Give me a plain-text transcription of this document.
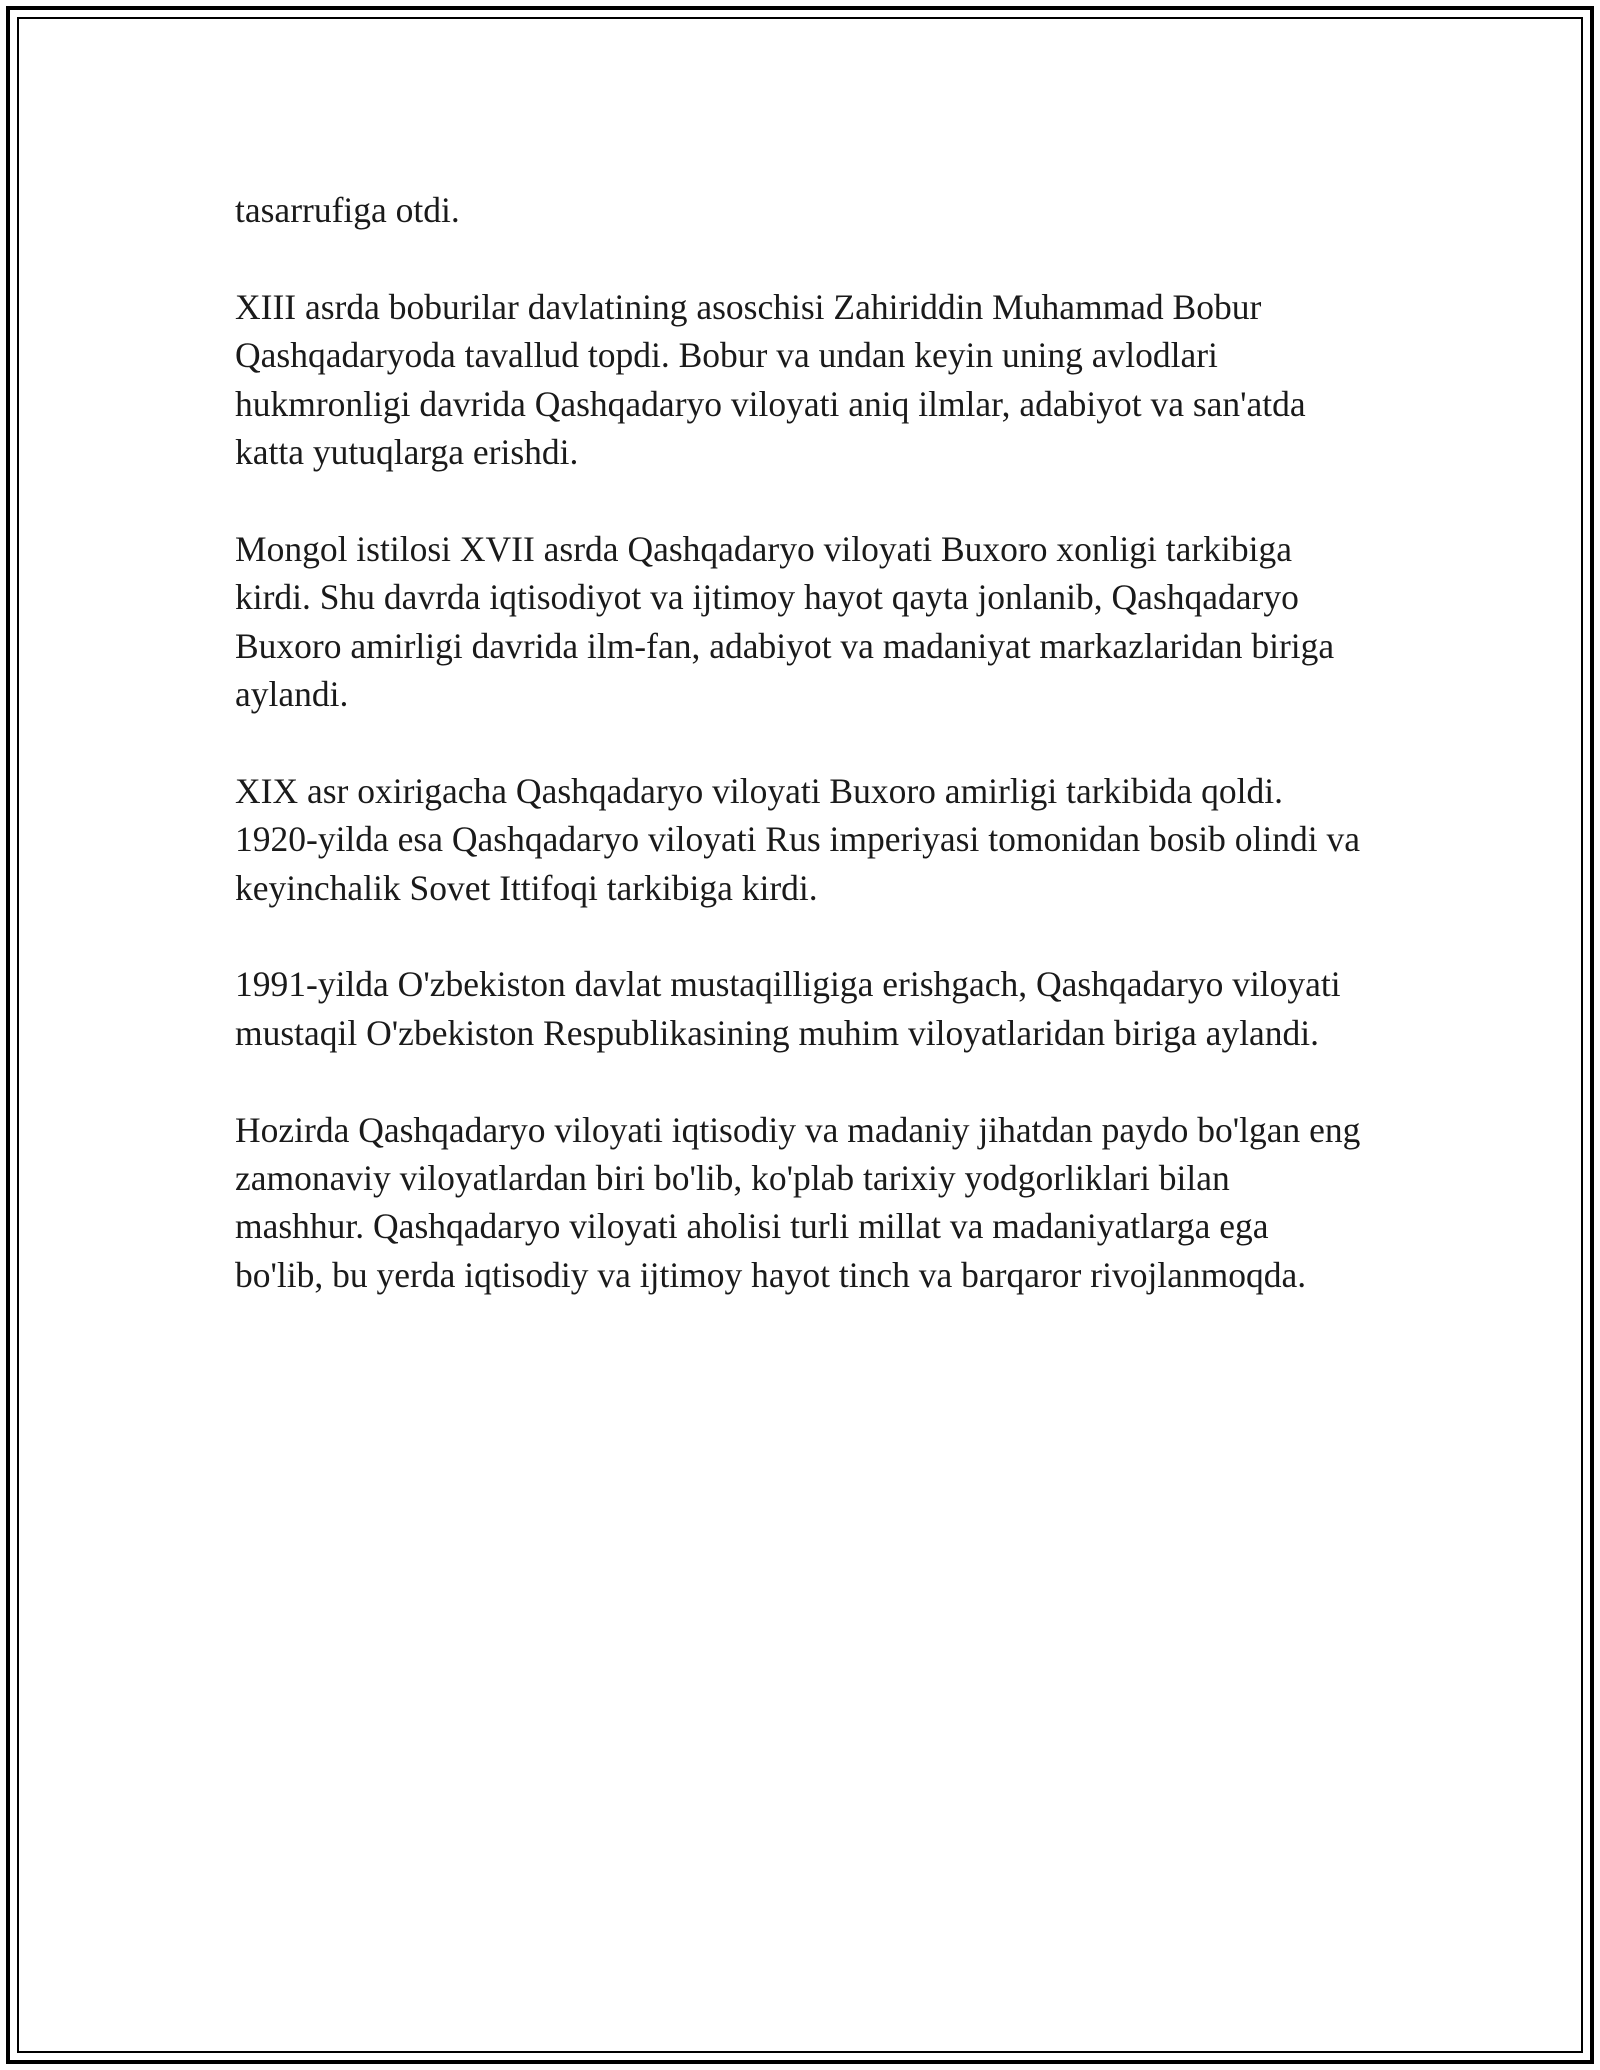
tasarrufiga otdi.

XIII asrda boburilar davlatining asoschisi Zahiriddin Muhammad Bobur Qashqadaryoda tavallud topdi. Bobur va undan keyin uning avlodlari hukmronligi davrida Qashqadaryo viloyati aniq ilmlar, adabiyot va san'atda katta yutuqlarga erishdi.

Mongol istilosi XVII asrda Qashqadaryo viloyati Buxoro xonligi tarkibiga kirdi. Shu davrda iqtisodiyot va ijtimoy hayot qayta jonlanib, Qashqadaryo Buxoro amirligi davrida ilm-fan, adabiyot va madaniyat markazlaridan biriga aylandi.

XIX asr oxirigacha Qashqadaryo viloyati Buxoro amirligi tarkibida qoldi. 1920-yilda esa Qashqadaryo viloyati Rus imperiyasi tomonidan bosib olindi va keyinchalik Sovet Ittifoqi tarkibiga kirdi.

1991-yilda O'zbekiston davlat mustaqilligiga erishgach, Qashqadaryo viloyati mustaqil O'zbekiston Respublikasining muhim viloyatlaridan biriga aylandi.

Hozirda Qashqadaryo viloyati iqtisodiy va madaniy jihatdan paydo bo'lgan eng zamonaviy viloyatlardan biri bo'lib, ko'plab tarixiy yodgorliklari bilan mashhur. Qashqadaryo viloyati aholisi turli millat va madaniyatlarga ega bo'lib, bu yerda iqtisodiy va ijtimoy hayot tinch va barqaror rivojlanmoqda.
